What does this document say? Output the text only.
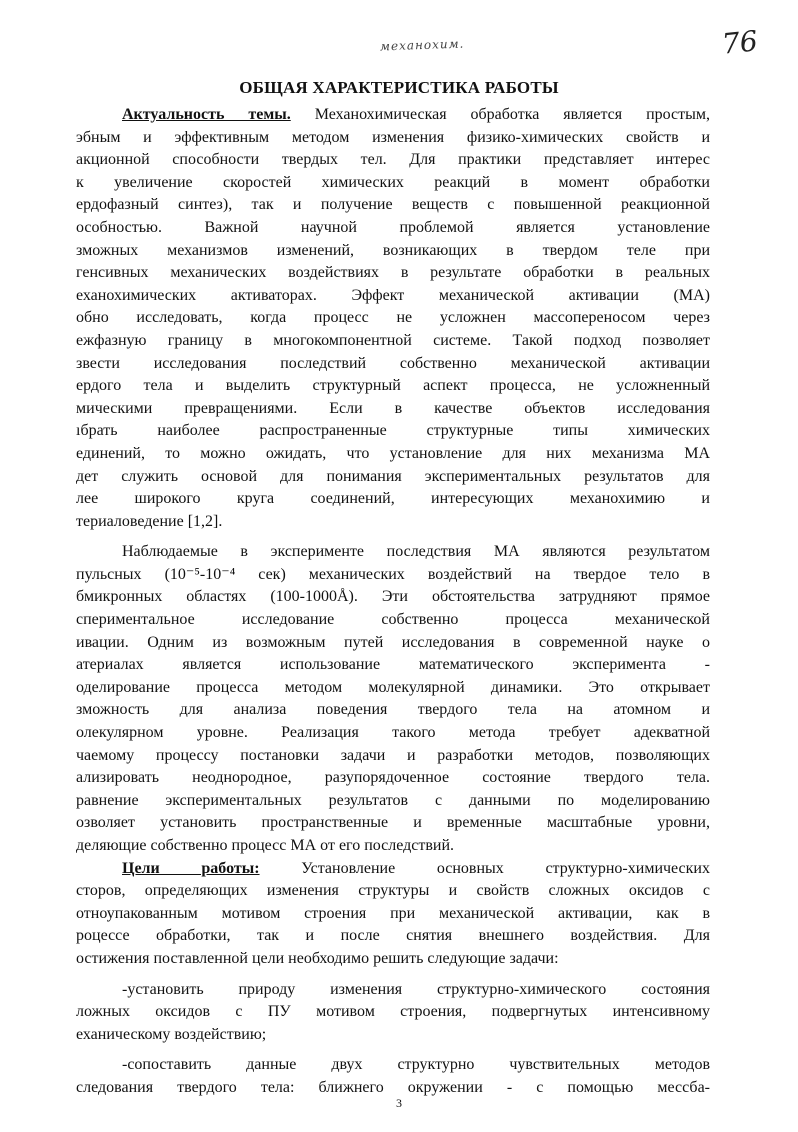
механохим.	76
ОБЩАЯ ХАРАКТЕРИСТИКА РАБОТЫ
Актуальность темы. Механохимическая обработка является простым,
эбным и эффективным методом изменения физико-химических свойств и
акционной способности твердых тел. Для практики представляет интерес
к увеличение скоростей химических реакций в момент обработки
ердофазный синтез), так и получение веществ с повышенной реакционной
особностью. Важной научной проблемой является установление
зможных механизмов изменений, возникающих в твердом теле при
генсивных механических воздействиях в результате обработки в реальных
еханохимических активаторах. Эффект механической активации (МА)
обно исследовать, когда процесс не усложнен массопереносом через
ежфазную границу в многокомпонентной системе. Такой подход позволяет
звести исследования последствий собственно механической активации
ердого тела и выделить структурный аспект процесса, не усложненный
мическими превращениями. Если в качестве объектов исследования
ıбрать наиболее распространенные структурные типы химических
единений, то можно ожидать, что установление для них механизма МА
дет служить основой для понимания экспериментальных результатов для
лее широкого круга соединений, интересующих механохимию и
териаловедение [1,2].
Наблюдаемые в эксперименте последствия МА являются результатом
пульсных (10⁻⁵-10⁻⁴ сек) механических воздействий на твердое тело в
бмикронных областях (100-1000Å). Эти обстоятельства затрудняют прямое
спериментальное исследование собственно процесса механической
ивации. Одним из возможным путей исследования в современной науке о
атериалах является использование математического эксперимента -
оделирование процесса методом молекулярной динамики. Это открывает
зможность для анализа поведения твердого тела на атомном и
олекулярном уровне. Реализация такого метода требует адекватной
чаемому процессу постановки задачи и разработки методов, позволяющих
ализировать неоднородное, разупорядоченное состояние твердого тела.
равнение экспериментальных результатов с данными по моделированию
озволяет установить пространственные и временные масштабные уровни,
деляющие собственно процесс МА от его последствий.
Цели работы:	Установление основных структурно-химических
сторов, определяющих изменения структуры и свойств сложных оксидов с
отноупакованным мотивом строения при механической активации, как в
роцессе обработки, так и после снятия внешнего воздействия. Для
остижения поставленной цели необходимо решить следующие задачи:
-установить природу изменения структурно-химического состояния
ложных оксидов с ПУ мотивом строения, подвергнутых интенсивному
еханическому воздействию;
-сопоставить данные двух структурно чувствительных методов
следования твердого тела: ближнего окружении - с помощью мессба-
3
